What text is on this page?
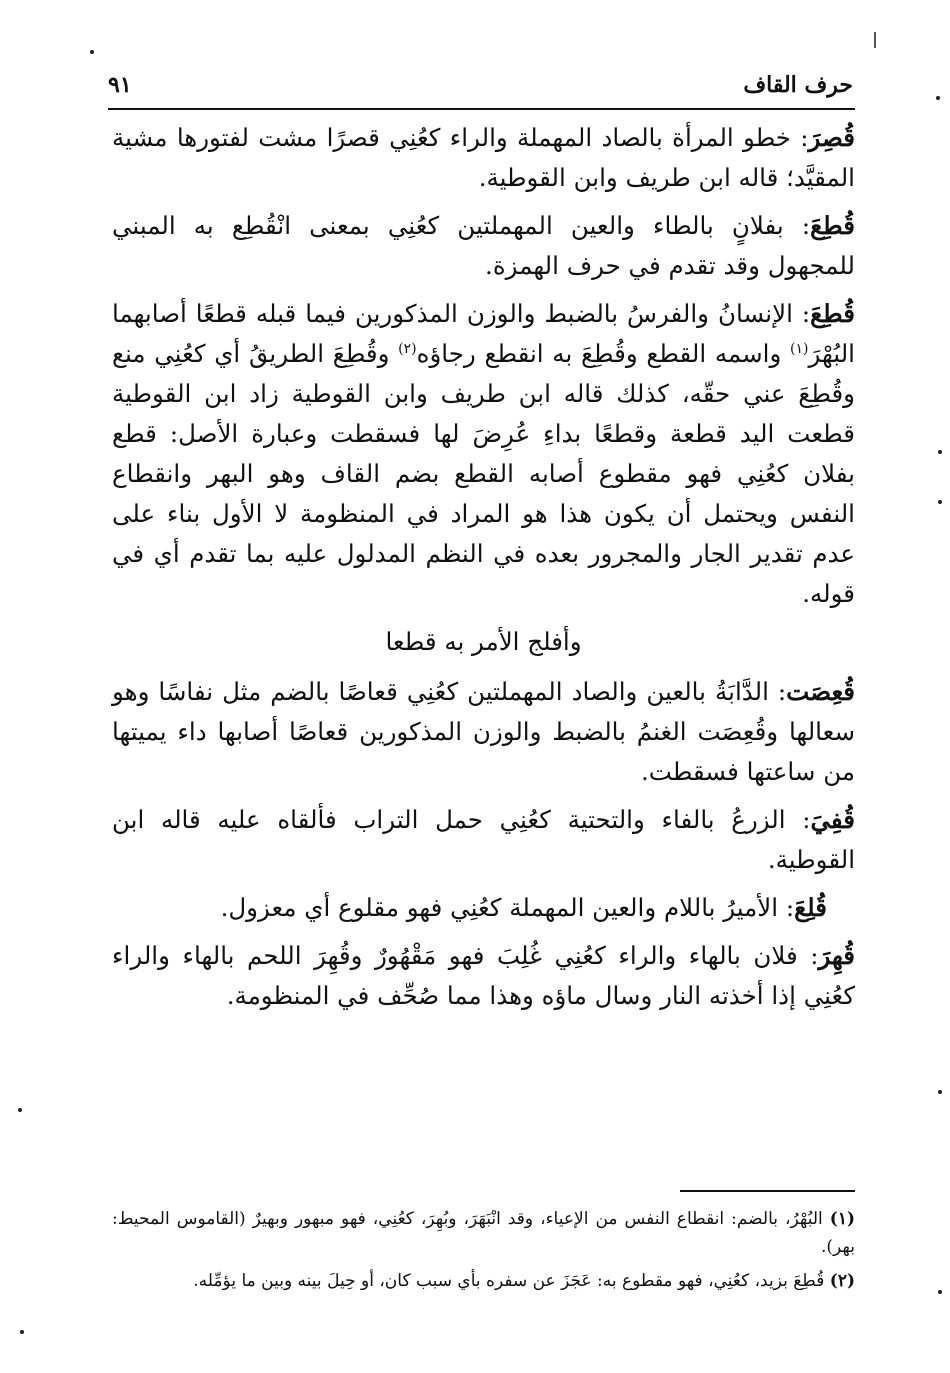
حرف القاف
٩١

قُصِرَ: خطو المرأة بالصاد المهملة والراء كعُنِي قصرًا مشت لفتورها مشية المقيَّد؛ قاله ابن طريف وابن القوطية.

قُطِعَ: بفلانٍ بالطاء والعين المهملتين كعُنِي بمعنى انْقُطِع به المبني للمجهول وقد تقدم في حرف الهمزة.

قُطِعَ: الإنسانُ والفرسُ بالضبط والوزن المذكورين فيما قبله قطعًا أصابهما البُهْرَ$^{(١)}$ واسمه القطع وقُطِعَ به انقطع رجاؤه$^{(٢)}$ وقُطِعَ الطريقُ أي كعُنِي منع وقُطِعَ عني حقّه، كذلك قاله ابن طريف وابن القوطية زاد ابن القوطية قطعت اليد قطعة وقطعًا بداءِ عُرِضَ لها فسقطت وعبارة الأصل: قطع بفلان كعُنِي فهو مقطوع أصابه القطع بضم القاف وهو البهر وانقطاع النفس ويحتمل أن يكون هذا هو المراد في المنظومة لا الأول بناء على عدم تقدير الجار والمجرور بعده في النظم المدلول عليه بما تقدم أي في قوله.

وأفلج الأمر به قطعا

قُعِصَت: الدَّابَةُ بالعين والصاد المهملتين كعُنِي قعاصًا بالضم مثل نفاسًا وهو سعالها وقُعِصَت الغنمُ بالضبط والوزن المذكورين قعاصًا أصابها داء يميتها من ساعتها فسقطت.

قُفِيَ: الزرعُ بالفاء والتحتية كعُنِي حمل التراب فألقاه عليه قاله ابن القوطية.

قُلِعَ: الأميرُ باللام والعين المهملة كعُنِي فهو مقلوع أي معزول.

قُهِرَ: فلان بالهاء والراء كعُنِي غُلِبَ فهو مَقْهُورٌ وقُهِرَ اللحم بالهاء والراء كعُنِي إذا أخذته النار وسال ماؤه وهذا مما صُحِّف في المنظومة.

(١) البُهْرُ، بالضم: انقطاع النفس من الإعياء، وقد انْبَهَرَ، وبُهِرَ، كعُنِي، فهو مبهور وبهيرٌ (القاموس المحيط: بهر).

(٢) قُطِعَ بزيد، كعُنِي، فهو مقطوع به: عَجَزَ عن سفره بأي سبب كان، أو حِيلَ بينه وبين ما يؤمِّله.
